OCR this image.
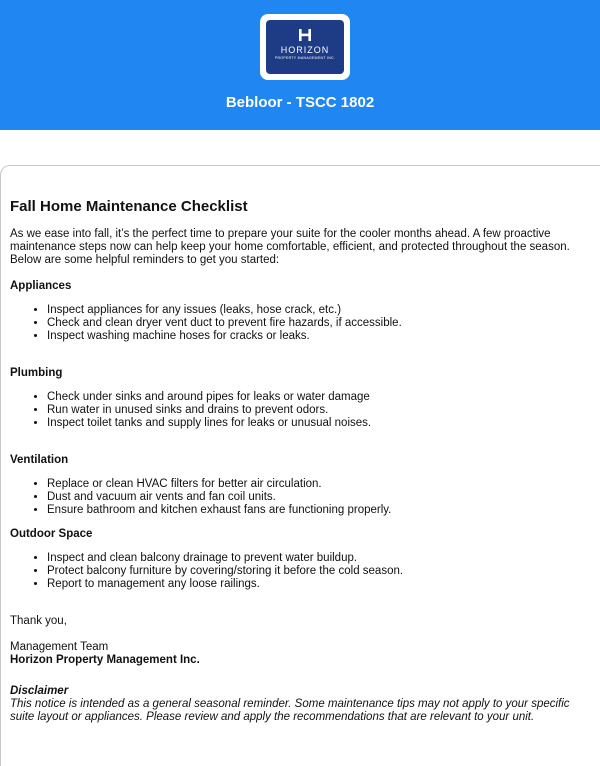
HORIZON
PROPERTY MANAGEMENT INC.
Bebloor - TSCC 1802
Fall Home Maintenance Checklist

As we ease into fall, it’s the perfect time to prepare your suite for the cooler months ahead. A few proactive maintenance steps now can help keep your home comfortable, efficient, and protected throughout the season. Below are some helpful reminders to get you started:

Appliances

• Inspect appliances for any issues (leaks, hose crack, etc.)
• Check and clean dryer vent duct to prevent fire hazards, if accessible.
• Inspect washing machine hoses for cracks or leaks.

Plumbing

• Check under sinks and around pipes for leaks or water damage
• Run water in unused sinks and drains to prevent odors.
• Inspect toilet tanks and supply lines for leaks or unusual noises.

Ventilation

• Replace or clean HVAC filters for better air circulation.
• Dust and vacuum air vents and fan coil units.
• Ensure bathroom and kitchen exhaust fans are functioning properly.

Outdoor Space

• Inspect and clean balcony drainage to prevent water buildup.
• Protect balcony furniture by covering/storing it before the cold season.
• Report to management any loose railings.

Thank you,

Management Team

Horizon Property Management Inc.

Disclaimer

This notice is intended as a general seasonal reminder. Some maintenance tips may not apply to your specific suite layout or appliances. Please review and apply the recommendations that are relevant to your unit.
